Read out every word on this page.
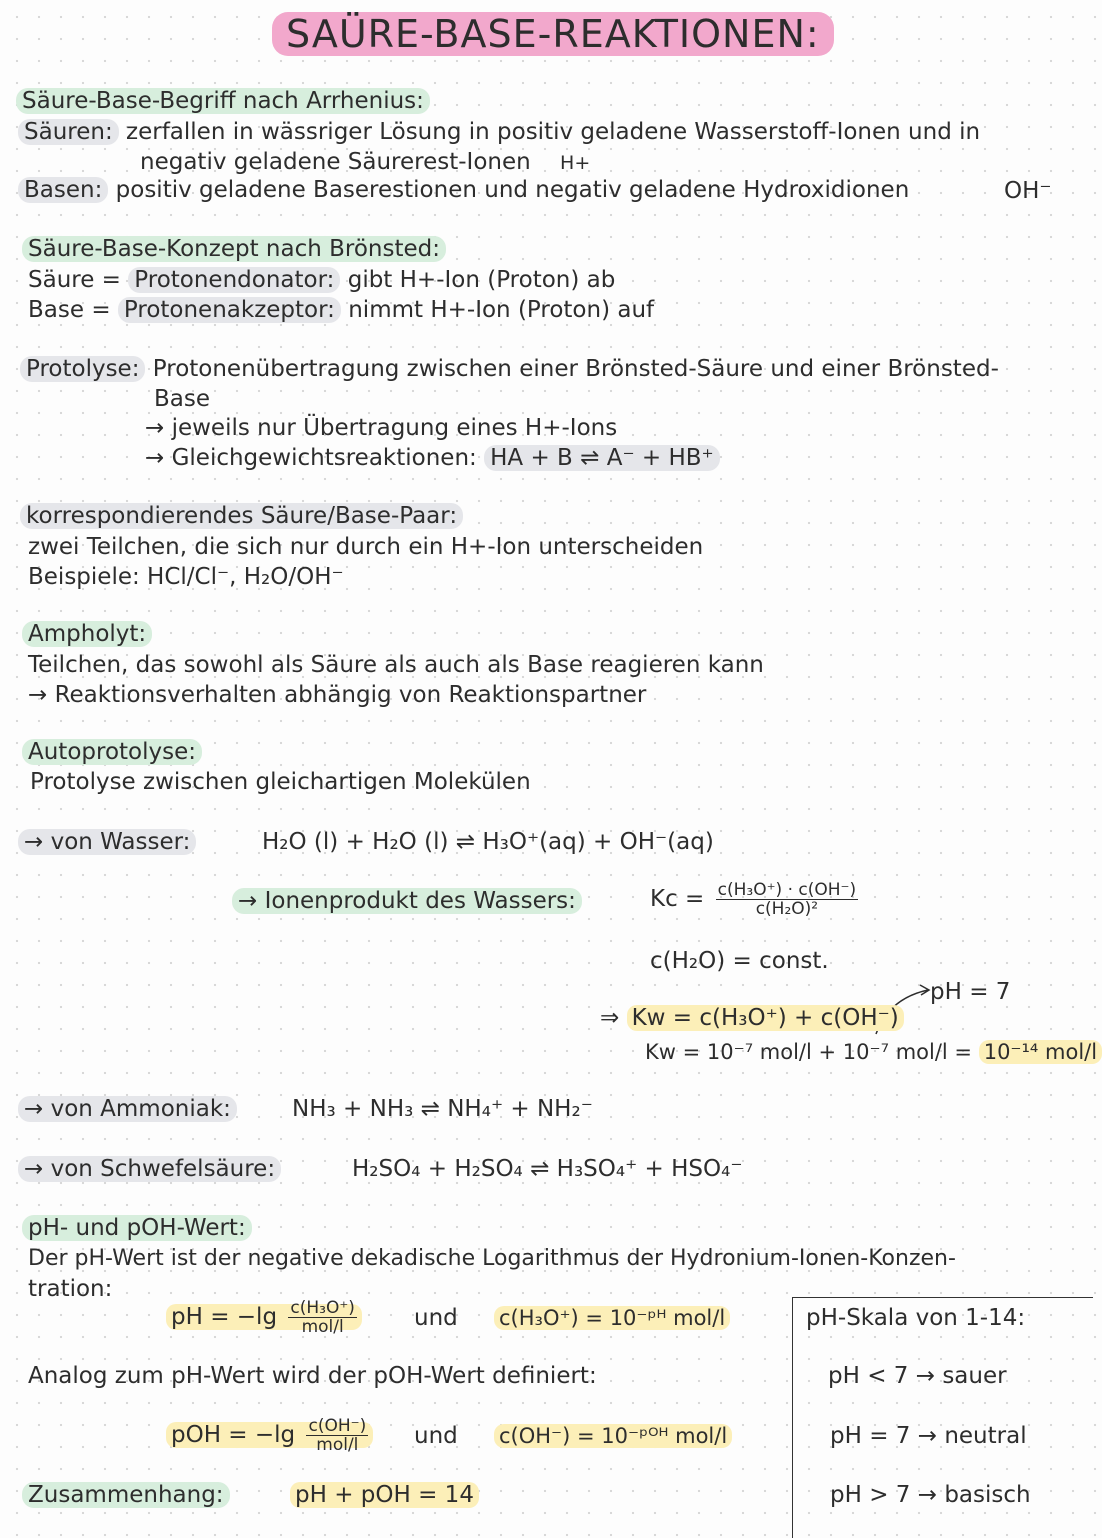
SAÜRE-BASE-REAKTIONEN:
Säure-Base-Begriff nach Arrhenius:
Säuren: zerfallen in wässriger Lösung in positiv geladene Wasserstoff-Ionen und in
negativ geladene Säurerest-Ionen H+
Basen: positiv geladene Baserestionen und negativ geladene Hydroxidionen	OH⁻
Säure-Base-Konzept nach Brönsted:
Säure = Protonendonator: gibt H+-Ion (Proton) ab
Base = Protonenakzeptor: nimmt H+-Ion (Proton) auf
Protolyse: Protonenübertragung zwischen einer Brönsted-Säure und einer Brönsted-
Base
→ jeweils nur Übertragung eines H+-Ions
→ Gleichgewichtsreaktionen: HA + B ⇌ A⁻ + HB⁺
korrespondierendes Säure/Base-Paar:
zwei Teilchen, die sich nur durch ein H+-Ion unterscheiden
Beispiele: HCl/Cl⁻, H₂O/OH⁻
Ampholyt:
Teilchen, das sowohl als Säure als auch als Base reagieren kann
→ Reaktionsverhalten abhängig von Reaktionspartner
Autoprotolyse:
Protolyse zwischen gleichartigen Molekülen
→ von Wasser:	H₂O (l) + H₂O (l) ⇌ H₃O⁺(aq) + OH⁻(aq)
→ Ionenprodukt des Wassers:	$Kc = \frac{\text{c(H₃O⁺) · c(OH⁻)}}{\text{c(H₂O)²}}$
c(H₂O) = const.
pH = 7
⇒ Kw = c(H₃O⁺) + c(OH⁻)
Kw = 10⁻⁷ mol/l + 10⁻⁷ mol/l = 10⁻¹⁴ mol/l
→ von Ammoniak:	NH₃ + NH₃ ⇌ NH₄⁺ + NH₂⁻
→ von Schwefelsäure:	H₂SO₄ + H₂SO₄ ⇌ H₃SO₄⁺ + HSO₄⁻
pH- und pOH-Wert:
Der pH-Wert ist der negative dekadische Logarithmus der Hydronium-Ionen-Konzen-
tration:
pH = $-\lg \frac{\text{c(H₃O⁺)}}{\text{mol/l}}$ und c(H₃O⁺) = 10⁻ᵖᴴ mol/l
Analog zum pH-Wert wird der pOH-Wert definiert:
pOH = $-\lg \frac{c(OH^-)}{\text{mol/l}}$ und c(OH⁻) = 10⁻ᵖᴼᴴ mol/l
Zusammenhang:	pH + pOH = 14
pH-Skala von 1-14:
pH < 7 → sauer
pH = 7 → neutral
pH > 7 → basisch
